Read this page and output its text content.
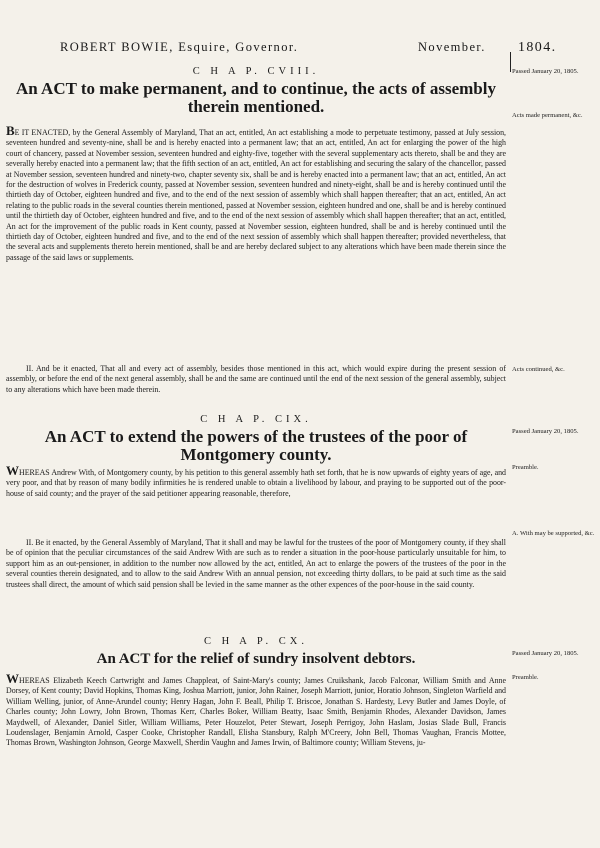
ROBERT BOWIE, Esquire, Governor.	November. 1804.
C H A P. CVIII.
An ACT to make permanent, and to continue, the acts of assembly therein mentioned.
Passed January 20, 1805.
Acts made permanent, &c.
BE IT ENACTED, by the General Assembly of Maryland, That an act, entitled, An act establishing a mode to perpetuate testimony, passed at July session, seventeen hundred and seventy-nine, shall be and is hereby enacted into a permanent law; that an act, entitled, An act for enlarging the power of the high court of chancery, passed at November session, seventeen hundred and eighty-five, together with the several supplementary acts thereto, shall be and they are severally hereby enacted into a permanent law; that the fifth section of an act, entitled, An act for establishing and securing the salary of the chancellor, passed at November session, seventeen hundred and ninety-two, chapter seventy six, shall be and is hereby enacted into a permanent law; that an act, entitled, An act for the destruction of wolves in Frederick county, passed at November session, seventeen hundred and ninety-eight, shall be and is hereby continued until the thirtieth day of October, eighteen hundred and five, and to the end of the next session of assembly which shall happen thereafter; that an act, entitled, An act relating to the public roads in the several counties therein mentioned, passed at November session, eighteen hundred and one, shall be and is hereby continued until the thirtieth day of October, eighteen hundred and five, and to the end of the next session of assembly which shall happen thereafter; that an act, entitled, An act for the improvement of the public roads in Kent county, passed at November session, eighteen hundred, shall be and is hereby continued until the thirtieth day of October, eighteen hundred and five, and to the end of the next session of assembly which shall happen thereafter; provided nevertheless, that the several acts and supplements thereto herein mentioned, shall be and are hereby declared subject to any alterations which have been made therein since the passage of the said laws or supplements.
Acts continued, &c.
II. And be it enacted, That all and every act of assembly, besides those mentioned in this act, which would expire during the present session of assembly, or before the end of the next general assembly, shall be and the same are continued until the end of the next session of the general assembly, subject to any alterations which have been made therein.
C H A P. CIX.
An ACT to extend the powers of the trustees of the poor of Montgomery county.
Passed January 20, 1805.
Preamble.
WHEREAS Andrew With, of Montgomery county, by his petition to this general assembly hath set forth, that he is now upwards of eighty years of age, and very poor, and that by reason of many bodily infirmities he is rendered unable to obtain a livelihood by labour, and praying to be supported out of the poor-house of said county; and the prayer of the said petitioner appearing reasonable, therefore,
A. With may be supported, &c.
II. Be it enacted, by the General Assembly of Maryland, That it shall and may be lawful for the trustees of the poor of Montgomery county, if they shall be of opinion that the peculiar circumstances of the said Andrew With are such as to render a situation in the poor-house particularly unsuitable for him, to support him as an out-pensioner, in addition to the number now allowed by the act, entitled, An act to enlarge the powers of the trustees of the poor in the several counties therein designated, and to allow to the said Andrew With an annual pension, not exceeding thirty dollars, to be paid at such time as the said trustees shall direct, the amount of which said pension shall be levied in the same manner as the other expences of the poor-house in the said county.
C H A P. CX.
An ACT for the relief of sundry insolvent debtors.	Passed January 20, 1805.
Preamble.
WHEREAS Elizabeth Keech Cartwright and James Chappleat, of Saint-Mary's county; James Cruikshank, Jacob Falconar, William Smith and Anne Dorsey, of Kent county; David Hopkins, Thomas King, Joshua Marriott, junior, John Rainer, Joseph Marriott, junior, Horatio Johnson, Singleton Warfield and William Welling, junior, of Anne-Arundel county; Henry Hagan, John F. Beall, Philip T. Briscoe, Jonathan S. Hardesty, Levy Butler and James Doyle, of Charles county; John Lowry, John Brown, Thomas Kerr, Charles Boker, William Beatty, Isaac Smith, Benjamin Rhodes, Alexander Davidson, James Maydwell, of Alexander, Daniel Sitler, William Williams, Peter Houzelot, Peter Stewart, Joseph Perrigoy, John Haslam, Josias Slade Bull, Francis Loudenslager, Benjamin Arnold, Casper Cooke, Christopher Randall, Elisha Stansbury, Ralph M'Creery, John Bell, Thomas Vaughan, Francis Mottee, Thomas Brown, Washington Johnson, George Maxwell, Sherdin Vaughn and James Irwin, of Baltimore county; William Stevens, ju-
